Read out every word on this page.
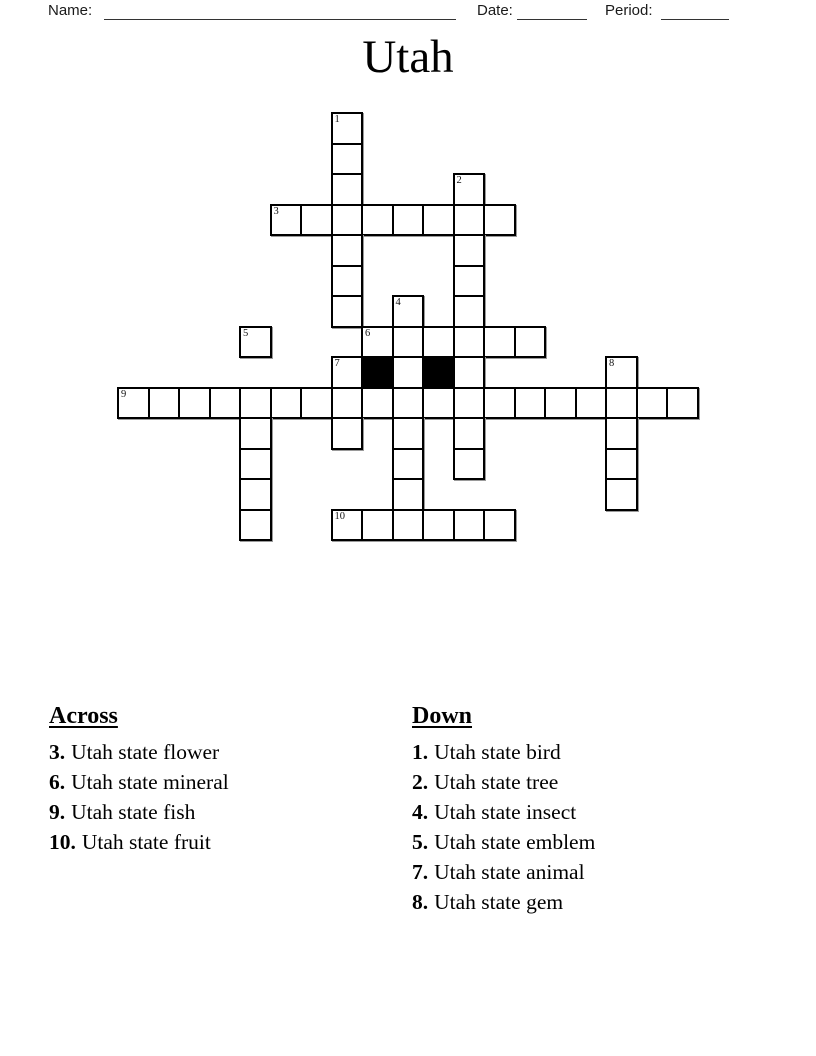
Name:	Date:	Period:
Utah
1
2
3
4
5	6
7	8
9
10
Across
3. Utah state flower
6. Utah state mineral
9. Utah state fish
10. Utah state fruit
Down
1. Utah state bird
2. Utah state tree
4. Utah state insect
5. Utah state emblem
7. Utah state animal
8. Utah state gem
